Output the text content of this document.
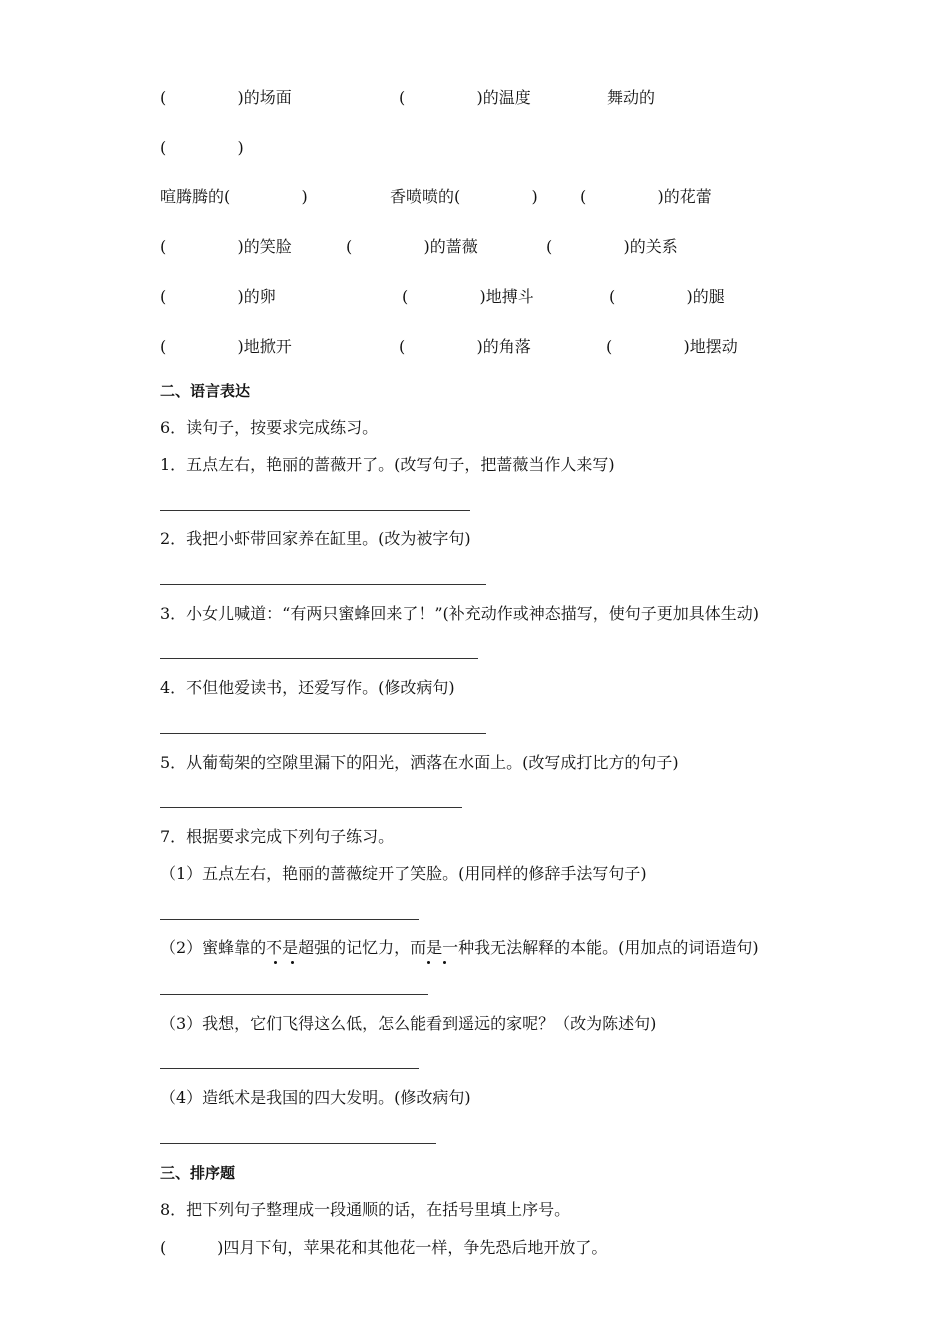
(              )的场面	(              )的温度	舞动的
(              )
喧腾腾的(              )	香喷喷的(              )	(              )的花蕾
(              )的笑脸	(              )的蔷薇	(              )的关系
(              )的卵	(              )地搏斗	(              )的腿
(              )地掀开	(              )的角落	(              )地摆动
二、语言表达
6．读句子，按要求完成练习。
1．五点左右，艳丽的蔷薇开了。(改写句子，把蔷薇当作人来写)
2．我把小虾带回家养在缸里。(改为被字句)
3．小女儿喊道：“有两只蜜蜂回来了！”(补充动作或神态描写，使句子更加具体生动)
4．不但他爱读书，还爱写作。(修改病句)
5．从葡萄架的空隙里漏下的阳光，洒落在水面上。(改写成打比方的句子)
7．根据要求完成下列句子练习。
（1）五点左右，艳丽的蔷薇绽开了笑脸。(用同样的修辞手法写句子)
（2）蜜蜂靠的不是超强的记忆力，而是一种我无法解释的本能。(用加点的词语造句)
（3）我想，它们飞得这么低，怎么能看到遥远的家呢？（改为陈述句)
（4）造纸术是我国的四大发明。(修改病句)
三、排序题
8．把下列句子整理成一段通顺的话，在括号里填上序号。
(          )四月下旬，苹果花和其他花一样，争先恐后地开放了。
